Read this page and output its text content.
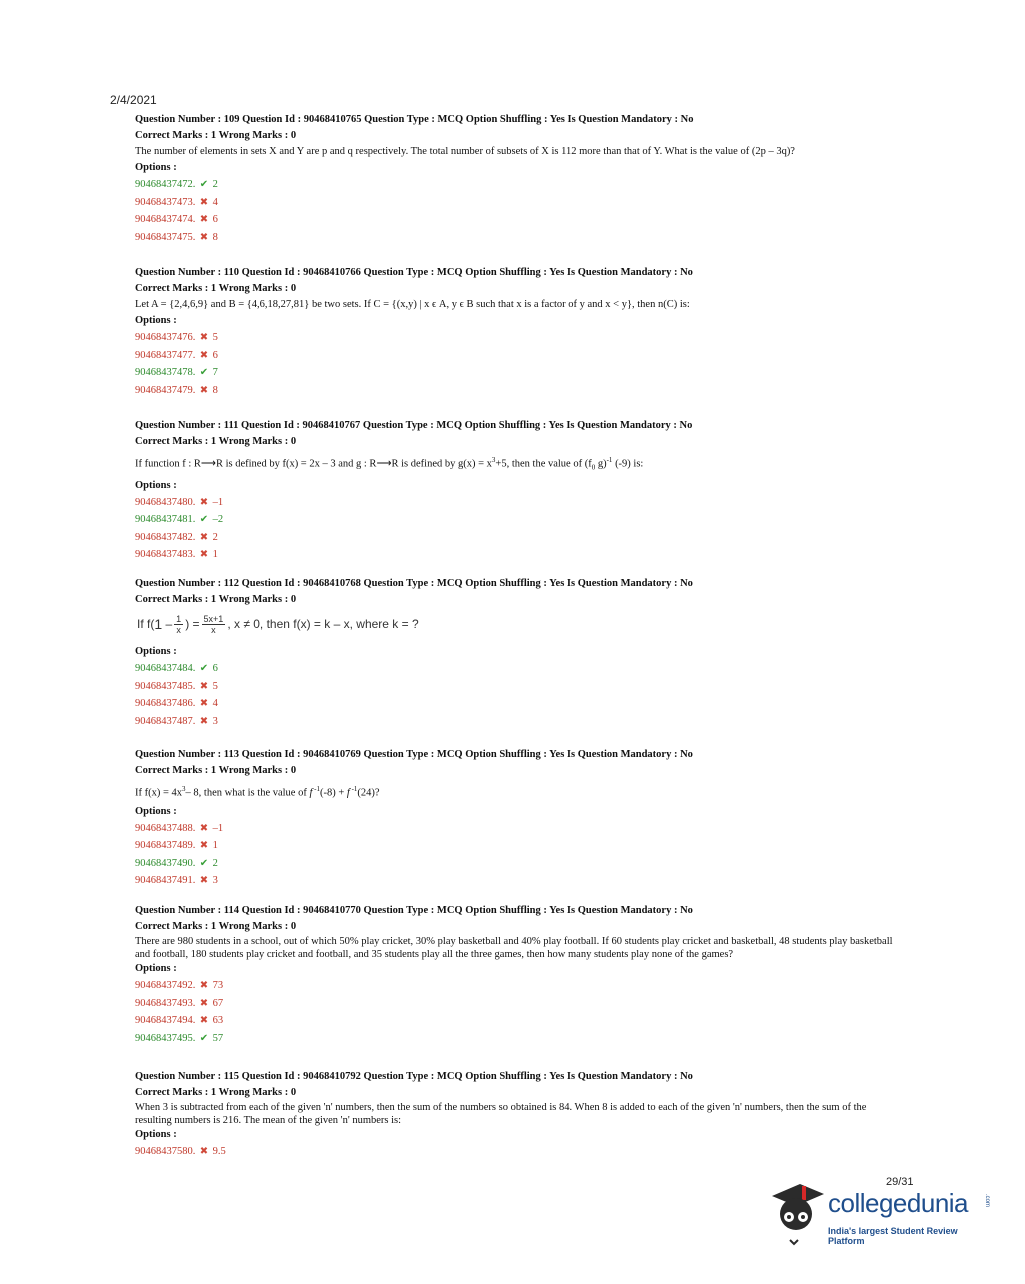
2/4/2021
Question Number : 109 Question Id : 90468410765 Question Type : MCQ Option Shuffling : Yes Is Question Mandatory : No
Correct Marks : 1 Wrong Marks : 0
The number of elements in sets X and Y are p and q respectively. The total number of subsets of X is 112 more than that of Y. What is the value of (2p – 3q)?
Options :
90468437472. ✔ 2
90468437473. ✖ 4
90468437474. ✖ 6
90468437475. ✖ 8
Question Number : 110 Question Id : 90468410766 Question Type : MCQ Option Shuffling : Yes Is Question Mandatory : No
Correct Marks : 1 Wrong Marks : 0
Let A = {2,4,6,9} and B = {4,6,18,27,81} be two sets. If C = {(x,y) | x ϵ A, y ϵ B such that x is a factor of y and x < y}, then n(C) is:
Options :
90468437476. ✖ 5
90468437477. ✖ 6
90468437478. ✔ 7
90468437479. ✖ 8
Question Number : 111 Question Id : 90468410767 Question Type : MCQ Option Shuffling : Yes Is Question Mandatory : No
Correct Marks : 1 Wrong Marks : 0
If function f : R⟶R is defined by f(x) = 2x – 3 and g : R⟶R is defined by $g(x) = x^3+5$, then the value of ($f_0$ g)$^{-1}$ (-9) is:
Options :
90468437480. ✖ –1
90468437481. ✔ –2
90468437482. ✖ 2
90468437483. ✖ 1
Question Number : 112 Question Id : 90468410768 Question Type : MCQ Option Shuffling : Yes Is Question Mandatory : No
Correct Marks : 1 Wrong Marks : 0
If f( 1
– $\frac{1}{x}$ ) = $\frac{5x+1}{x}$ , x ≠ 0, then f(x) = k – x, where k = ?
Options :
90468437484. ✔ 6
90468437485. ✖ 5
90468437486. ✖ 4
90468437487. ✖ 3
Question Number : 113 Question Id : 90468410769 Question Type : MCQ Option Shuffling : Yes Is Question Mandatory : No
Correct Marks : 1 Wrong Marks : 0
If $f(x) = 4x^3-$ 8, then what is the value of f $^{-1}$(-8) + f $^{-1}$(24)?
Options :
90468437488. ✖ –1
90468437489. ✖ 1
90468437490. ✔ 2
90468437491. ✖ 3
Question Number : 114 Question Id : 90468410770 Question Type : MCQ Option Shuffling : Yes Is Question Mandatory : No
Correct Marks : 1 Wrong Marks : 0
There are 980 students in a school, out of which 50% play cricket, 30% play basketball and 40% play football. If 60 students play cricket and basketball, 48 students play basketball and football, 180 students play cricket and football, and 35 students play all the three games, then how many students play none of the games?
Options :
90468437492. ✖ 73
90468437493. ✖ 67
90468437494. ✖ 63
90468437495. ✔ 57
Question Number : 115 Question Id : 90468410792 Question Type : MCQ Option Shuffling : Yes Is Question Mandatory : No
Correct Marks : 1 Wrong Marks : 0
When 3 is subtracted from each of the given 'n' numbers, then the sum of the numbers so obtained is 84. When 8 is added to each of the given 'n' numbers, then the sum of the resulting numbers is 216. The mean of the given 'n' numbers is:
Options :
90468437580. ✖ 9.5
29/31
collegedunia	.com
India's largest Student Review Platform
